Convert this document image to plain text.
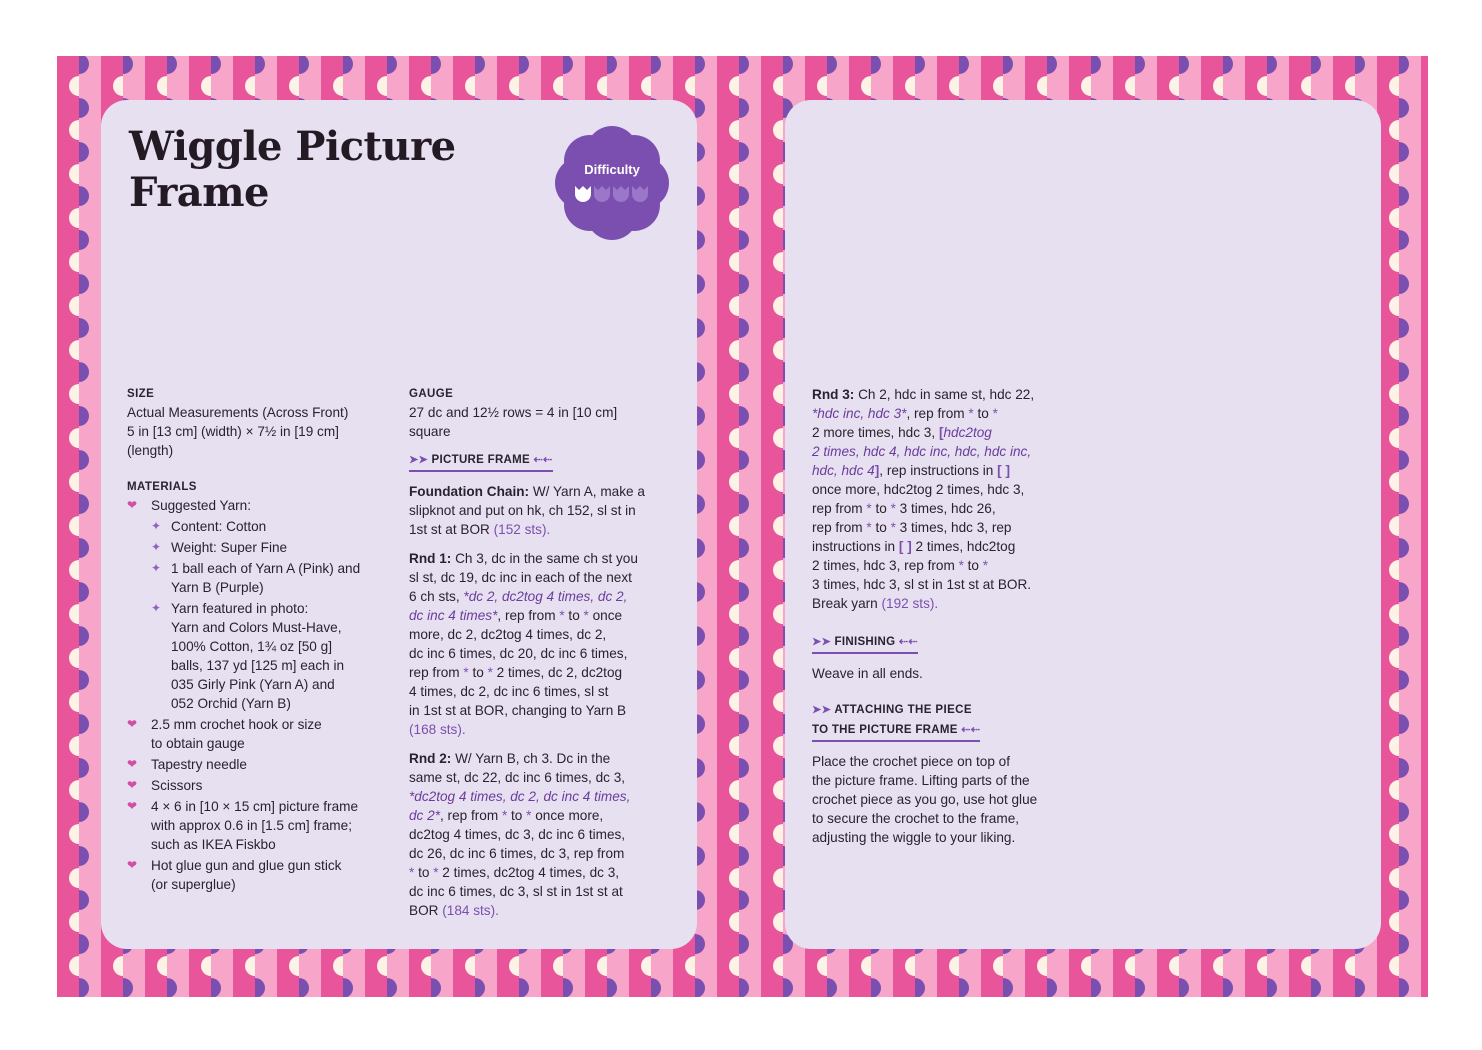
Wiggle Picture
Frame	Difficulty

SIZE

Actual Measurements (Across Front)

5 in [13 cm] (width) × 7½ in [19 cm]

(length)

MATERIALS

❤ Suggested Yarn:
✦ Content: Cotton
✦ Weight: Super Fine
✦ 1 ball each of Yarn A (Pink) and
Yarn B (Purple)
✦ Yarn featured in photo:
Yarn and Colors Must-Have,
100% Cotton, 1¾ oz [50 g]
balls, 137 yd [125 m] each in
035 Girly Pink (Yarn A) and
052 Orchid (Yarn B)
❤ 2.5 mm crochet hook or size
to obtain gauge
❤ Tapestry needle
❤ Scissors
❤ 4 × 6 in [10 × 15 cm] picture frame
with approx 0.6 in [1.5 cm] frame;
such as IKEA Fiskbo
❤ Hot glue gun and glue gun stick
(or superglue)

GAUGE

27 dc and 12½ rows = 4 in [10 cm]

square

➤➤ PICTURE FRAME ⇠⇠

Foundation Chain: W/ Yarn A, make a
slipknot and put on hk, ch 152, sl st in
1st st at BOR (152 sts).

Rnd 1: Ch 3, dc in the same ch st you
sl st, dc 19, dc inc in each of the next
6 ch sts, *dc 2, dc2tog 4 times, dc 2,
dc inc 4 times*, rep from * to * once
more, dc 2, dc2tog 4 times, dc 2,
dc inc 6 times, dc 20, dc inc 6 times,
rep from * to * 2 times, dc 2, dc2tog
4 times, dc 2, dc inc 6 times, sl st
in 1st st at BOR, changing to Yarn B
(168 sts).

Rnd 2: W/ Yarn B, ch 3. Dc in the
same st, dc 22, dc inc 6 times, dc 3,
*dc2tog 4 times, dc 2, dc inc 4 times,
dc 2*, rep from * to * once more,
dc2tog 4 times, dc 3, dc inc 6 times,
dc 26, dc inc 6 times, dc 3, rep from
* to * 2 times, dc2tog 4 times, dc 3,
dc inc 6 times, dc 3, sl st in 1st st at
BOR (184 sts).

Rnd 3: Ch 2, hdc in same st, hdc 22,
*hdc inc, hdc 3*, rep from * to *
2 more times, hdc 3, [hdc2tog
2 times, hdc 4, hdc inc, hdc, hdc inc,
hdc, hdc 4], rep instructions in [ ]
once more, hdc2tog 2 times, hdc 3,
rep from * to * 3 times, hdc 26,
rep from * to * 3 times, hdc 3, rep
instructions in [ ] 2 times, hdc2tog
2 times, hdc 3, rep from * to *
3 times, hdc 3, sl st in 1st st at BOR.
Break yarn (192 sts).

➤➤ FINISHING ⇠⇠

Weave in all ends.

➤➤ ATTACHING THE PIECE
TO THE PICTURE FRAME ⇠⇠

Place the crochet piece on top of
the picture frame. Lifting parts of the
crochet piece as you go, use hot glue
to secure the crochet to the frame,
adjusting the wiggle to your liking.
